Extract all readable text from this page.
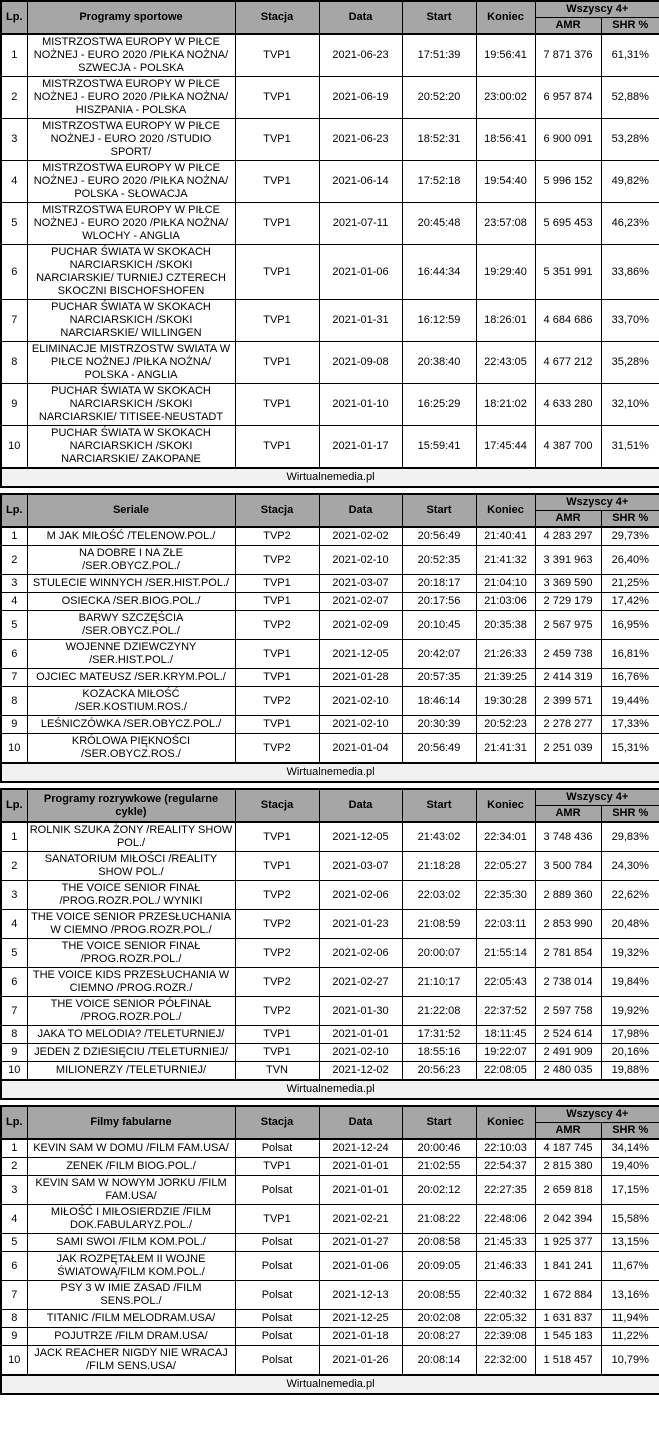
Lp.	Programy sportowe	Stacja	Data	Start	Koniec	Wszyscy 4+	
						AMR	SHR %
1	MISTRZOSTWA EUROPY W PIŁCE NOŻNEJ - EURO 2020 /PIŁKA NOŻNA/ SZWECJA - POLSKA	TVP1	2021-06-23	17:51:39	19:56:41	7 871 376	61,31%
2	MISTRZOSTWA EUROPY W PIŁCE NOŻNEJ - EURO 2020 /PIŁKA NOŻNA/ HISZPANIA - POLSKA	TVP1	2021-06-19	20:52:20	23:00:02	6 957 874	52,88%
3	MISTRZOSTWA EUROPY W PIŁCE NOŻNEJ - EURO 2020 /STUDIO SPORT/	TVP1	2021-06-23	18:52:31	18:56:41	6 900 091	53,28%
4	MISTRZOSTWA EUROPY W PIŁCE NOŻNEJ - EURO 2020 /PIŁKA NOŻNA/ POLSKA - SŁOWACJA	TVP1	2021-06-14	17:52:18	19:54:40	5 996 152	49,82%
5	MISTRZOSTWA EUROPY W PIŁCE NOŻNEJ - EURO 2020 /PIŁKA NOŻNA/ WLOCHY - ANGLIA	TVP1	2021-07-11	20:45:48	23:57:08	5 695 453	46,23%
6	PUCHAR ŚWIATA W SKOKACH NARCIARSKICH /SKOKI NARCIARSKIE/ TURNIEJ CZTERECH SKOCZNI BISCHOFSHOFEN	TVP1	2021-01-06	16:44:34	19:29:40	5 351 991	33,86%
7	PUCHAR ŚWIATA W SKOKACH NARCIARSKICH /SKOKI NARCIARSKIE/ WILLINGEN	TVP1	2021-01-31	16:12:59	18:26:01	4 684 686	33,70%
8	ELIMINACJE MISTRZOSTW SWIATA W PIŁCE NOŻNEJ /PIŁKA NOŻNA/ POLSKA - ANGLIA	TVP1	2021-09-08	20:38:40	22:43:05	4 677 212	35,28%
9	PUCHAR ŚWIATA W SKOKACH NARCIARSKICH /SKOKI NARCIARSKIE/ TITISEE-NEUSTADT	TVP1	2021-01-10	16:25:29	18:21:02	4 633 280	32,10%
10	PUCHAR ŚWIATA W SKOKACH NARCIARSKICH /SKOKI NARCIARSKIE/ ZAKOPANE	TVP1	2021-01-17	15:59:41	17:45:44	4 387 700	31,51%
Wirtualnemedia.pl							
Lp.	Seriale	Stacja	Data	Start	Koniec	Wszyscy 4+	
						AMR	SHR %
1	M JAK MIŁOŚĆ /TELENOW.POL./	TVP2	2021-02-02	20:56:49	21:40:41	4 283 297	29,73%
2	NA DOBRE I NA ZŁE /SER.OBYCZ.POL./	TVP2	2021-02-10	20:52:35	21:41:32	3 391 963	26,40%
3	STULECIE WINNYCH /SER.HIST.POL./	TVP1	2021-03-07	20:18:17	21:04:10	3 369 590	21,25%
4	OSIECKA /SER.BIOG.POL./	TVP1	2021-02-07	20:17:56	21:03:06	2 729 179	17,42%
5	BARWY SZCZĘŚCIA /SER.OBYCZ.POL./	TVP2	2021-02-09	20:10:45	20:35:38	2 567 975	16,95%
6	WOJENNE DZIEWCZYNY /SER.HIST.POL./	TVP1	2021-12-05	20:42:07	21:26:33	2 459 738	16,81%
7	OJCIEC MATEUSZ /SER.KRYM.POL./	TVP1	2021-01-28	20:57:35	21:39:25	2 414 319	16,76%
8	KOZACKA MIŁOŚĆ /SER.KOSTIUM.ROS./	TVP2	2021-02-10	18:46:14	19:30:28	2 399 571	19,44%
9	LEŚNICZÓWKA /SER.OBYCZ.POL./	TVP1	2021-02-10	20:30:39	20:52:23	2 278 277	17,33%
10	KRÓLOWA PIĘKNOŚCI /SER.OBYCZ.ROS./	TVP2	2021-01-04	20:56:49	21:41:31	2 251 039	15,31%
Wirtualnemedia.pl							
Lp.	Programy rozrywkowe (regularne cykle)	Stacja	Data	Start	Koniec	Wszyscy 4+	
						AMR	SHR %
1	ROLNIK SZUKA ŻONY /REALITY SHOW POL./	TVP1	2021-12-05	21:43:02	22:34:01	3 748 436	29,83%
2	SANATORIUM MIŁOŚCI /REALITY SHOW POL./	TVP1	2021-03-07	21:18:28	22:05:27	3 500 784	24,30%
3	THE VOICE SENIOR FINAŁ /PROG.ROZR.POL./ WYNIKI	TVP2	2021-02-06	22:03:02	22:35:30	2 889 360	22,62%
4	THE VOICE SENIOR PRZESŁUCHANIA W CIEMNO /PROG.ROZR.POL./	TVP2	2021-01-23	21:08:59	22:03:11	2 853 990	20,48%
5	THE VOICE SENIOR FINAŁ /PROG.ROZR.POL./	TVP2	2021-02-06	20:00:07	21:55:14	2 781 854	19,32%
6	THE VOICE KIDS PRZESŁUCHANIA W CIEMNO /PROG.ROZR./	TVP2	2021-02-27	21:10:17	22:05:43	2 738 014	19,84%
7	THE VOICE SENIOR PÓŁFINAŁ /PROG.ROZR.POL./	TVP2	2021-01-30	21:22:08	22:37:52	2 597 758	19,92%
8	JAKA TO MELODIA? /TELETURNIEJ/	TVP1	2021-01-01	17:31:52	18:11:45	2 524 614	17,98%
9	JEDEN Z DZIESIĘCIU /TELETURNIEJ/	TVP1	2021-02-10	18:55:16	19:22:07	2 491 909	20,16%
10	MILIONERZY /TELETURNIEJ/	TVN	2021-12-02	20:56:23	22:08:05	2 480 035	19,88%
Wirtualnemedia.pl							
Lp.	Filmy fabularne	Stacja	Data	Start	Koniec	Wszyscy 4+	
						AMR	SHR %
1	KEVIN SAM W DOMU /FILM FAM.USA/	Polsat	2021-12-24	20:00:46	22:10:03	4 187 745	34,14%
2	ZENEK /FILM BIOG.POL./	TVP1	2021-01-01	21:02:55	22:54:37	2 815 380	19,40%
3	KEVIN SAM W NOWYM JORKU /FILM FAM.USA/	Polsat	2021-01-01	20:02:12	22:27:35	2 659 818	17,15%
4	MIŁOŚĆ I MIŁOSIERDZIE /FILM DOK.FABULARYZ.POL./	TVP1	2021-02-21	21:08:22	22:48:06	2 042 394	15,58%
5	SAMI SWOI /FILM KOM.POL./	Polsat	2021-01-27	20:08:58	21:45:33	1 925 377	13,15%
6	JAK ROZPĘTAŁEM II WOJNE ŚWIATOWĄ/FILM KOM.POL./	Polsat	2021-01-06	20:09:05	21:46:33	1 841 241	11,67%
7	PSY 3 W IMIE ZASAD /FILM SENS.POL./	Polsat	2021-12-13	20:08:55	22:40:32	1 672 884	13,16%
8	TITANIC /FILM MELODRAM.USA/	Polsat	2021-12-25	20:02:08	22:05:32	1 631 837	11,94%
9	POJUTRZE /FILM DRAM.USA/	Polsat	2021-01-18	20:08:27	22:39:08	1 545 183	11,22%
10	JACK REACHER NIGDY NIE WRACAJ /FILM SENS.USA/	Polsat	2021-01-26	20:08:14	22:32:00	1 518 457	10,79%
Wirtualnemedia.pl							
